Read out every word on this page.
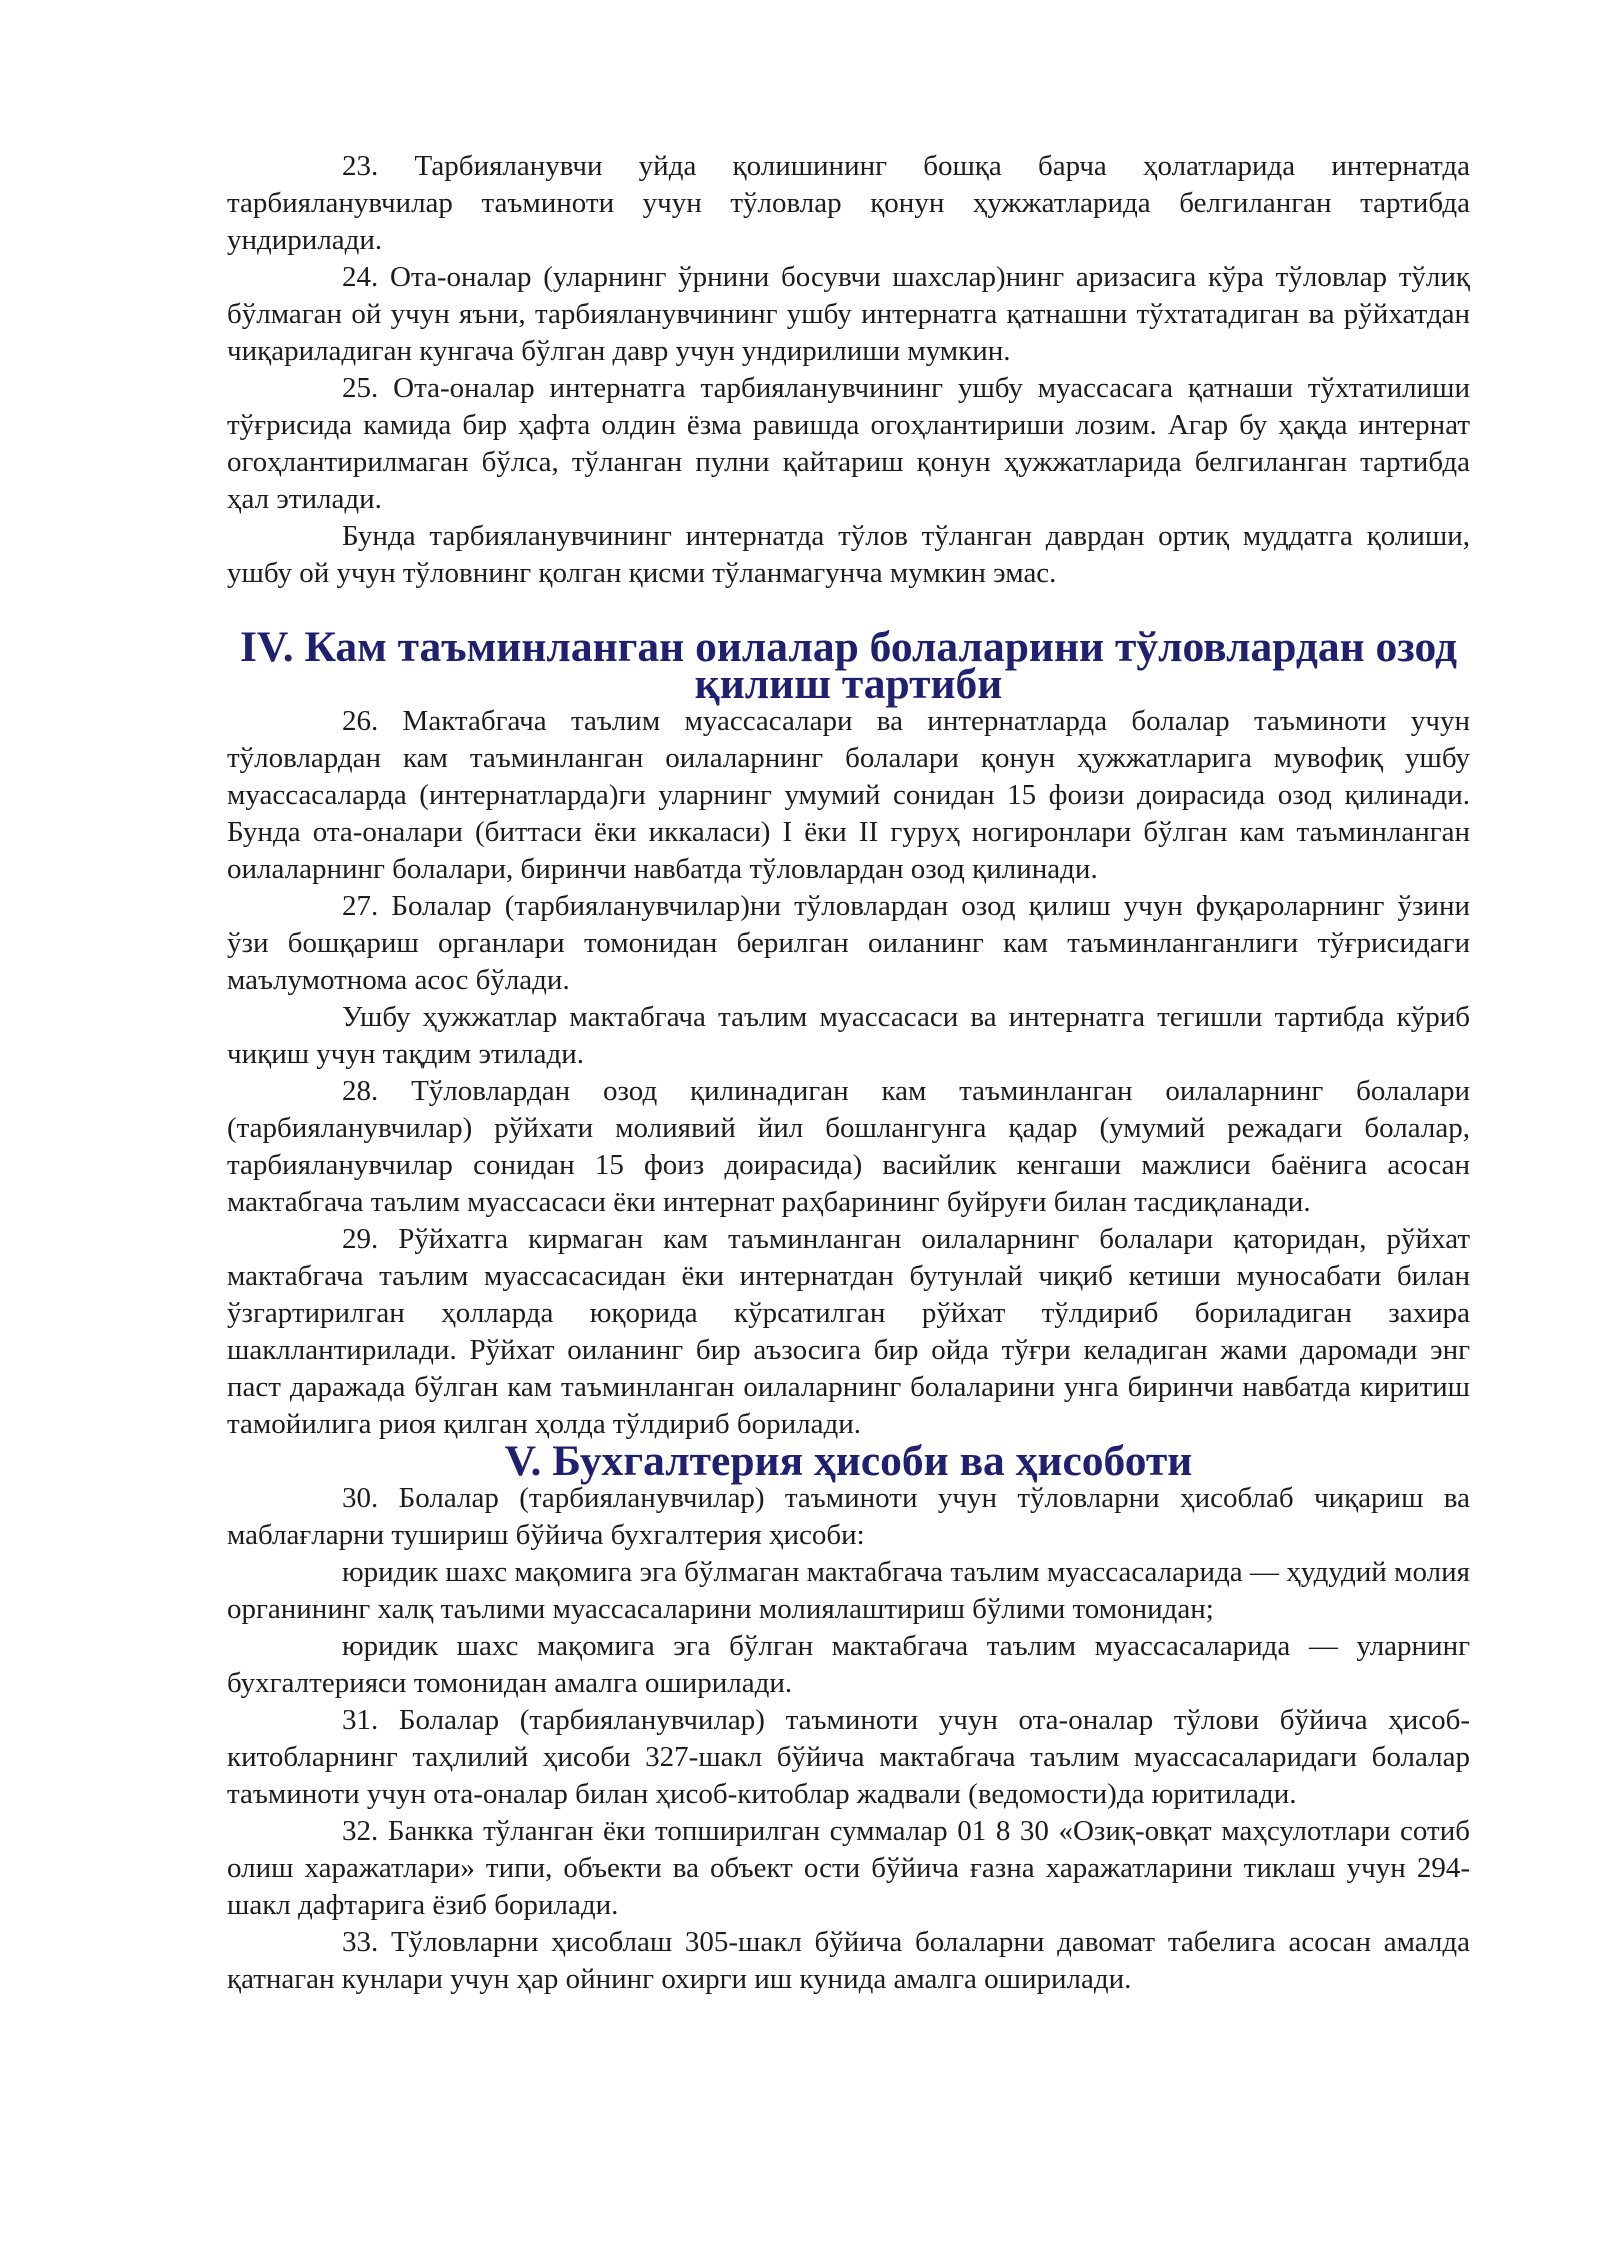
23. Тарбияланувчи уйда қолишининг бошқа барча ҳолатларида интернатда тарбияланувчилар таъминоти учун тўловлар қонун ҳужжатларида белгиланган тартибда ундирилади.

24. Ота-оналар (уларнинг ўрнини босувчи шахслар)нинг аризасига кўра тўловлар тўлиқ бўлмаган ой учун яъни, тарбияланувчининг ушбу интернатга қатнашни тўхтатадиган ва рўйхатдан чиқариладиган кунгача бўлган давр учун ундирилиши мумкин.

25. Ота-оналар интернатга тарбияланувчининг ушбу муассасага қатнаши тўхтатилиши тўғрисида камида бир ҳафта олдин ёзма равишда огоҳлантириши лозим. Агар бу ҳақда интернат огоҳлантирилмаган бўлса, тўланган пулни қайтариш қонун ҳужжатларида белгиланган тартибда ҳал этилади.

Бунда тарбияланувчининг интернатда тўлов тўланган даврдан ортиқ муддатга қолиши, ушбу ой учун тўловнинг қолган қисми тўланмагунча мумкин эмас.

IV. Кам таъминланган оилалар болаларини тўловлардан озод қилиш тартиби

26. Мактабгача таълим муассасалари ва интернатларда болалар таъминоти учун тўловлардан кам таъминланган оилаларнинг болалари қонун ҳужжатларига мувофиқ ушбу муассасаларда (интернатларда)ги уларнинг умумий сонидан 15 фоизи доирасида озод қилинади. Бунда ота-оналари (биттаси ёки иккаласи) I ёки II гуруҳ ногиронлари бўлган кам таъминланган оилаларнинг болалари, биринчи навбатда тўловлардан озод қилинади.

27. Болалар (тарбияланувчилар)ни тўловлардан озод қилиш учун фуқароларнинг ўзини ўзи бошқариш органлари томонидан берилган оиланинг кам таъминланганлиги тўғрисидаги маълумотнома асос бўлади.

Ушбу ҳужжатлар мактабгача таълим муассасаси ва интернатга тегишли тартибда кўриб чиқиш учун тақдим этилади.

28. Тўловлардан озод қилинадиган кам таъминланган оилаларнинг болалари (тарбияланувчилар) рўйхати молиявий йил бошлангунга қадар (умумий режадаги болалар, тарбияланувчилар сонидан 15 фоиз доирасида) васийлик кенгаши мажлиси баёнига асосан мактабгача таълим муассасаси ёки интернат раҳбарининг буйруғи билан тасдиқланади.

29. Рўйхатга кирмаган кам таъминланган оилаларнинг болалари қаторидан, рўйхат мактабгача таълим муассасасидан ёки интернатдан бутунлай чиқиб кетиши муносабати билан ўзгартирилган ҳолларда юқорида кўрсатилган рўйхат тўлдириб бориладиган захира шакллантирилади. Рўйхат оиланинг бир аъзосига бир ойда тўғри келадиган жами даромади энг паст даражада бўлган кам таъминланган оилаларнинг болаларини унга биринчи навбатда киритиш тамойилига риоя қилган ҳолда тўлдириб борилади.

V. Бухгалтерия ҳисоби ва ҳисоботи

30. Болалар (тарбияланувчилар) таъминоти учун тўловларни ҳисоблаб чиқариш ва маблағларни тушириш бўйича бухгалтерия ҳисоби:

юридик шахс мақомига эга бўлмаган мактабгача таълим муассасаларида — ҳудудий молия органининг халқ таълими муассасаларини молиялаштириш бўлими томонидан;

юридик шахс мақомига эга бўлган мактабгача таълим муассасаларида — уларнинг бухгалтерияси томонидан амалга оширилади.

31. Болалар (тарбияланувчилар) таъминоти учун ота-оналар тўлови бўйича ҳисоб-китобларнинг таҳлилий ҳисоби 327-шакл бўйича мактабгача таълим муассасаларидаги болалар таъминоти учун ота-оналар билан ҳисоб-китоблар жадвали (ведомости)да юритилади.

32. Банкка тўланган ёки топширилган суммалар 01 8 30 «Озиқ-овқат маҳсулотлари сотиб олиш харажатлари» типи, объекти ва объект ости бўйича ғазна харажатларини тиклаш учун 294-шакл дафтарига ёзиб борилади.

33. Тўловларни ҳисоблаш 305-шакл бўйича болаларни давомат табелига асосан амалда қатнаган кунлари учун ҳар ойнинг охирги иш кунида амалга оширилади.
